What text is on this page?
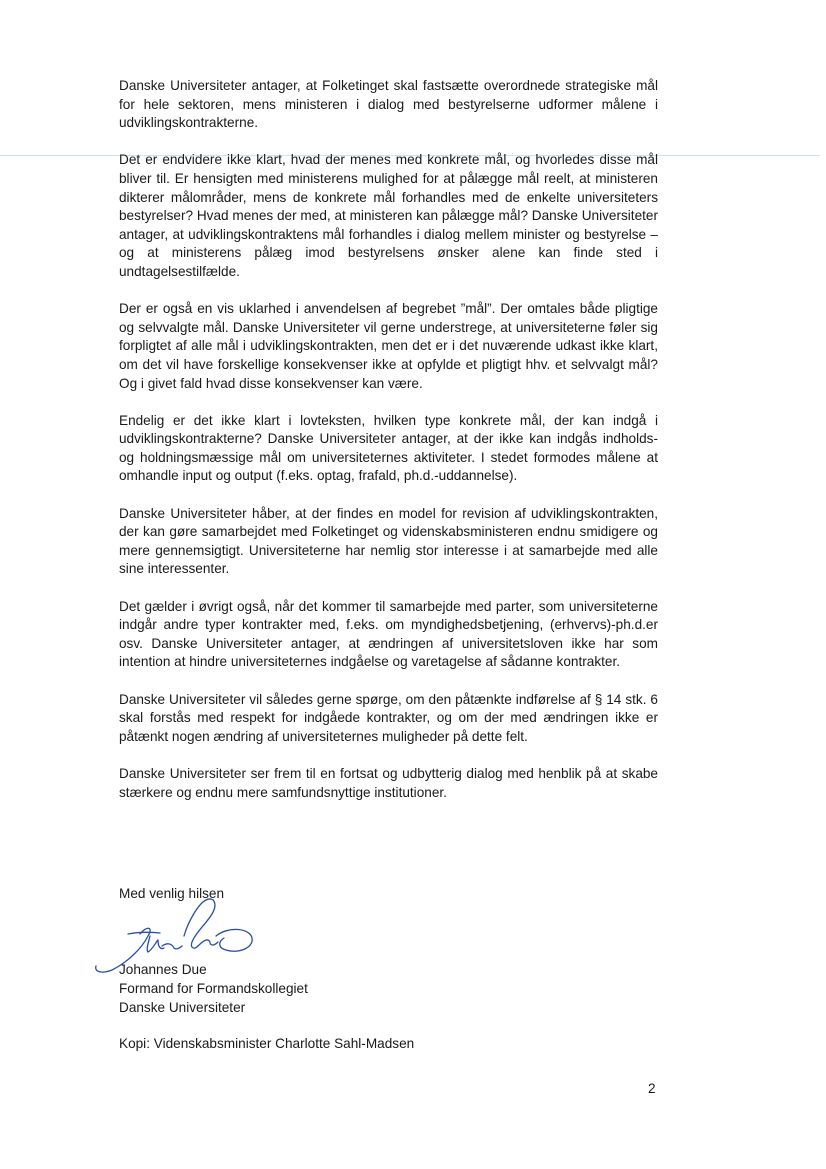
Danske Universiteter antager, at Folketinget skal fastsætte overordnede strategiske mål for hele sektoren, mens ministeren i dialog med bestyrelserne udformer målene i udviklingskontrakterne.

Det er endvidere ikke klart, hvad der menes med konkrete mål, og hvorledes disse mål bliver til. Er hensigten med ministerens mulighed for at pålægge mål reelt, at ministeren dikterer målområder, mens de konkrete mål forhandles med de enkelte universiteters bestyrelser? Hvad menes der med, at ministeren kan pålægge mål? Danske Universiteter antager, at udviklingskontraktens mål forhandles i dialog mellem minister og bestyrelse – og at ministerens pålæg imod bestyrelsens ønsker alene kan finde sted i undtagelsestilfælde.

Der er også en vis uklarhed i anvendelsen af begrebet ”mål”. Der omtales både pligtige og selvvalgte mål. Danske Universiteter vil gerne understrege, at universiteterne føler sig forpligtet af alle mål i udviklingskontrakten, men det er i det nuværende udkast ikke klart, om det vil have forskellige konsekvenser ikke at opfylde et pligtigt hhv. et selvvalgt mål? Og i givet fald hvad disse konsekvenser kan være.

Endelig er det ikke klart i lovteksten, hvilken type konkrete mål, der kan indgå i udviklingskontrakterne? Danske Universiteter antager, at der ikke kan indgås indholds- og holdningsmæssige mål om universiteternes aktiviteter. I stedet formodes målene at omhandle input og output (f.eks. optag, frafald, ph.d.-uddannelse).

Danske Universiteter håber, at der findes en model for revision af udviklingskontrakten, der kan gøre samarbejdet med Folketinget og videnskabsministeren endnu smidigere og mere gennemsigtigt. Universiteterne har nemlig stor interesse i at samarbejde med alle sine interessenter.

Det gælder i øvrigt også, når det kommer til samarbejde med parter, som universiteterne indgår andre typer kontrakter med, f.eks. om myndighedsbetjening, (erhvervs)-ph.d.er osv. Danske Universiteter antager, at ændringen af universitetsloven ikke har som intention at hindre universiteternes indgåelse og varetagelse af sådanne kontrakter.

Danske Universiteter vil således gerne spørge, om den påtænkte indførelse af § 14 stk. 6 skal forstås med respekt for indgåede kontrakter, og om der med ændringen ikke er påtænkt nogen ændring af universiteternes muligheder på dette felt.

Danske Universiteter ser frem til en fortsat og udbytterig dialog med henblik på at skabe stærkere og endnu mere samfundsnyttige institutioner.

Med venlig hilsen
Johannes Due
Formand for Formandskollegiet
Danske Universiteter
Kopi: Videnskabsminister Charlotte Sahl-Madsen
2
